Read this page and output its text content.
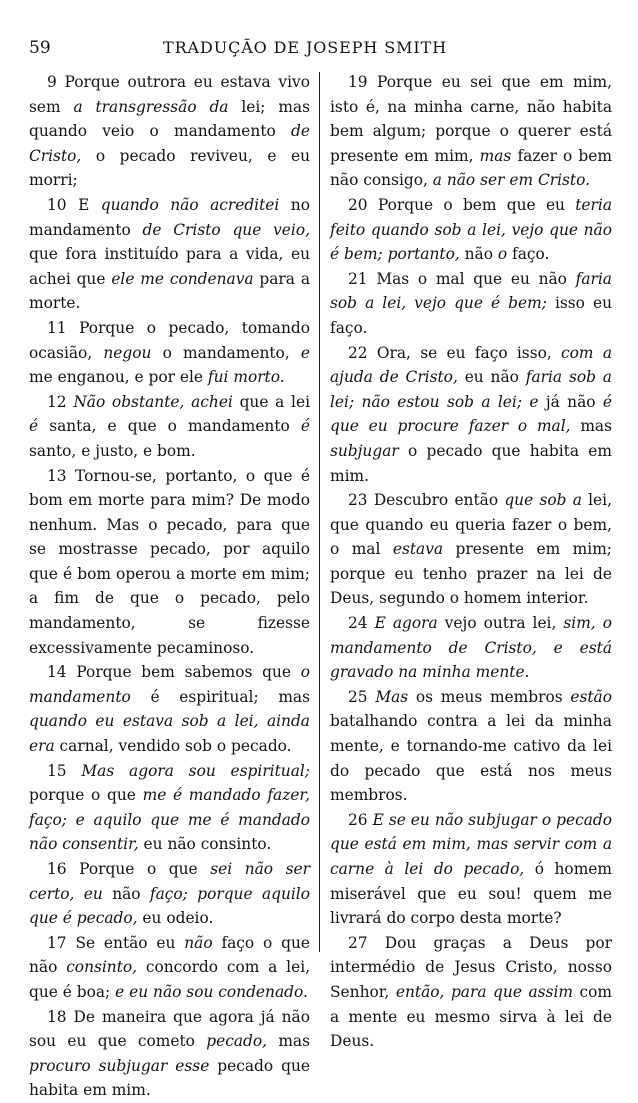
59	TRADUÇÃO DE JOSEPH SMITH

9 Porque outrora eu estava vivo sem a transgressão da lei; mas quando veio o mandamento de Cristo, o pecado reviveu, e eu morri;

10 E quando não acreditei no mandamento de Cristo que veio, que fora instituído para a vida, eu achei que ele me condenava para a morte.

11 Porque o pecado, tomando ocasião, negou o mandamento, e me enganou, e por ele fui morto.

12 Não obstante, achei que a lei é santa, e que o mandamento é santo, e justo, e bom.

13 Tornou-se, portanto, o que é bom em morte para mim? De modo nenhum. Mas o pecado, para que se mostrasse pecado, por aquilo que é bom operou a morte em mim; a fim de que o pecado, pelo mandamento, se fizesse excessivamente pecaminoso.

14 Porque bem sabemos que o mandamento é espiritual; mas quando eu estava sob a lei, ainda era carnal, vendido sob o pecado.

15 Mas agora sou espiritual; porque o que me é mandado fazer, faço; e aquilo que me é mandado não consentir, eu não consinto.

16 Porque o que sei não ser certo, eu não faço; porque aquilo que é pecado, eu odeio.

17 Se então eu não faço o que não consinto, concordo com a lei, que é boa; e eu não sou condenado.

18 De maneira que agora já não sou eu que cometo pecado, mas procuro subjugar esse pecado que habita em mim.

19 Porque eu sei que em mim, isto é, na minha carne, não habita bem algum; porque o querer está presente em mim, mas fazer o bem não consigo, a não ser em Cristo.

20 Porque o bem que eu teria feito quando sob a lei, vejo que não é bem; portanto, não o faço.

21 Mas o mal que eu não faria sob a lei, vejo que é bem; isso eu faço.

22 Ora, se eu faço isso, com a ajuda de Cristo, eu não faria sob a lei; não estou sob a lei; e já não é que eu procure fazer o mal, mas subjugar o pecado que habita em mim.

23 Descubro então que sob a lei, que quando eu queria fazer o bem, o mal estava presente em mim; porque eu tenho prazer na lei de Deus, segundo o homem interior.

24 E agora vejo outra lei, sim, o mandamento de Cristo, e está gravado na minha mente.

25 Mas os meus membros estão batalhando contra a lei da minha mente, e tornando-me cativo da lei do pecado que está nos meus membros.

26 E se eu não subjugar o pecado que está em mim, mas servir com a carne à lei do pecado, ó homem miserável que eu sou! quem me livrará do corpo desta morte?

27 Dou graças a Deus por intermédio de Jesus Cristo, nosso Senhor, então, para que assim com a mente eu mesmo sirva à lei de Deus.
